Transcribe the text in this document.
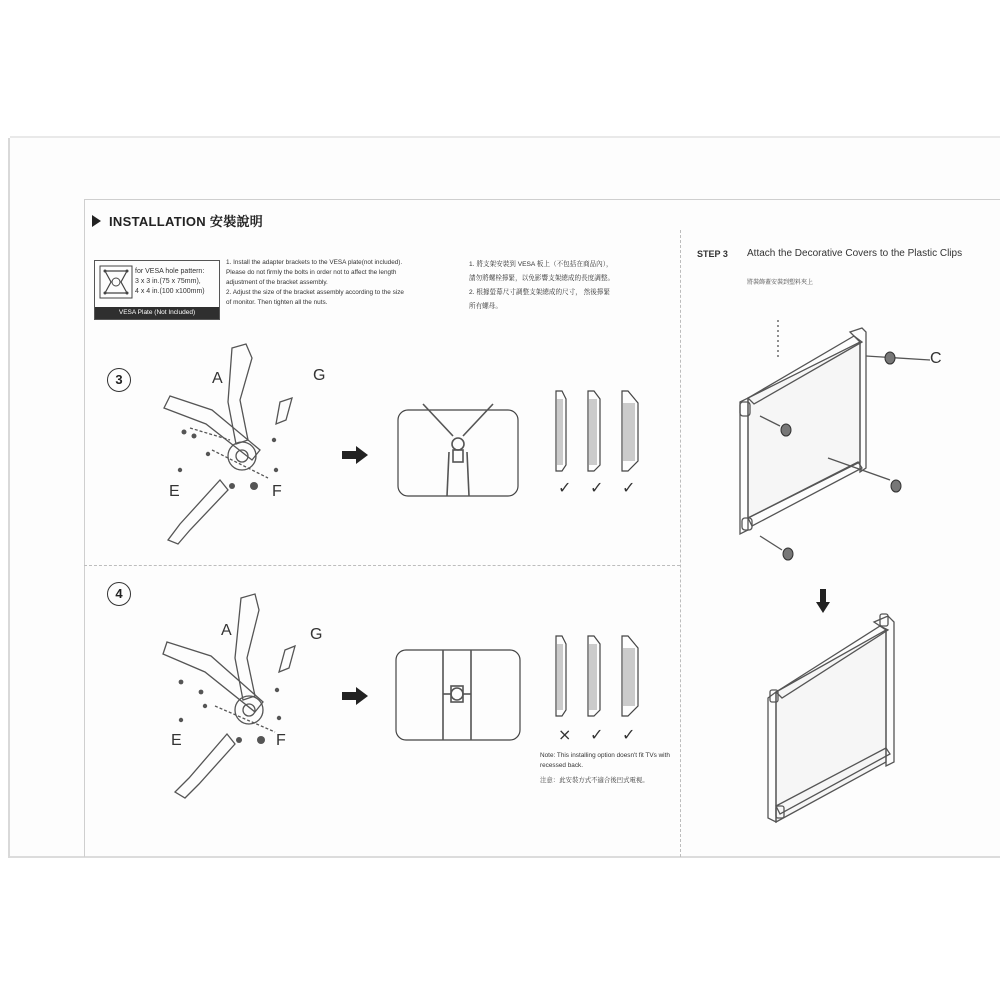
INSTALLATION 安裝說明
for VESA hole pattern:
3 x 3 in.(75 x 75mm),
4 x 4 in.(100 x100mm)
VESA Plate (Not Included)
1. Install the adapter brackets to the VESA plate(not included).
Please do not firmly the bolts in order not to affect the length
adjustment of the bracket assembly.
2. Adjust the size of the bracket assembly according to the size
of monitor. Then tighten all the nuts.
1. 將支架安裝到 VESA 板上（不包括在商品內），
請勿將螺栓擰緊，以免影響支架總成的長度調整。
2. 根據螢幕尺寸調整支架總成的尺寸， 然後擰緊
所有螺母。
3	A	G
E	F	✓ ✓ ✓
4
A	G
E	F	× ✓ ✓
Note: This installing option doesn't fit TVs with recessed back.
注意：此安裝方式不適合後凹式電視。
STEP 3 Attach the Decorative Covers to the Plastic Clips
將裝飾蓋安裝到塑料夾上
C
